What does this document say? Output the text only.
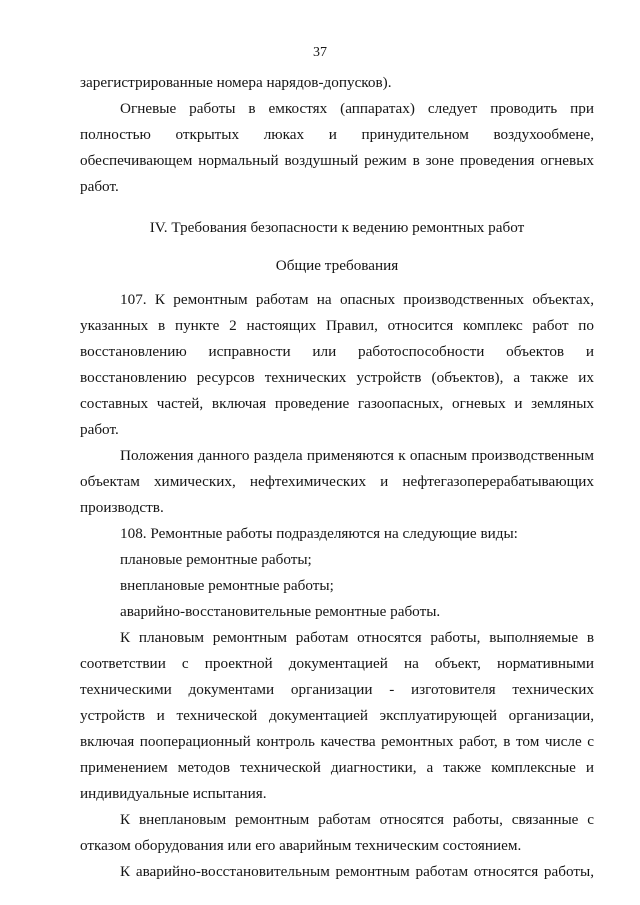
37

зарегистрированные номера нарядов-допусков).

Огневые работы в емкостях (аппаратах) следует проводить при полностью открытых люках и принудительном воздухообмене, обеспечивающем нормальный воздушный режим в зоне проведения огневых работ.

IV. Требования безопасности к ведению ремонтных работ

Общие требования

107. К ремонтным работам на опасных производственных объектах, указанных в пункте 2 настоящих Правил, относится комплекс работ по восстановлению исправности или работоспособности объектов и восстановлению ресурсов технических устройств (объектов), а также их составных частей, включая проведение газоопасных, огневых и земляных работ.

Положения данного раздела применяются к опасным производственным объектам химических, нефтехимических и нефтегазоперерабатывающих производств.

108. Ремонтные работы подразделяются на следующие виды:

плановые ремонтные работы;

внеплановые ремонтные работы;

аварийно-восстановительные ремонтные работы.

К плановым ремонтным работам относятся работы, выполняемые в соответствии с проектной документацией на объект, нормативными техническими документами организации - изготовителя технических устройств и технической документацией эксплуатирующей организации, включая пооперационный контроль качества ремонтных работ, в том числе с применением методов технической диагностики, а также комплексные и индивидуальные испытания.

К внеплановым ремонтным работам относятся работы, связанные с отказом оборудования или его аварийным техническим состоянием.

К аварийно-восстановительным ремонтным работам относятся работы,
